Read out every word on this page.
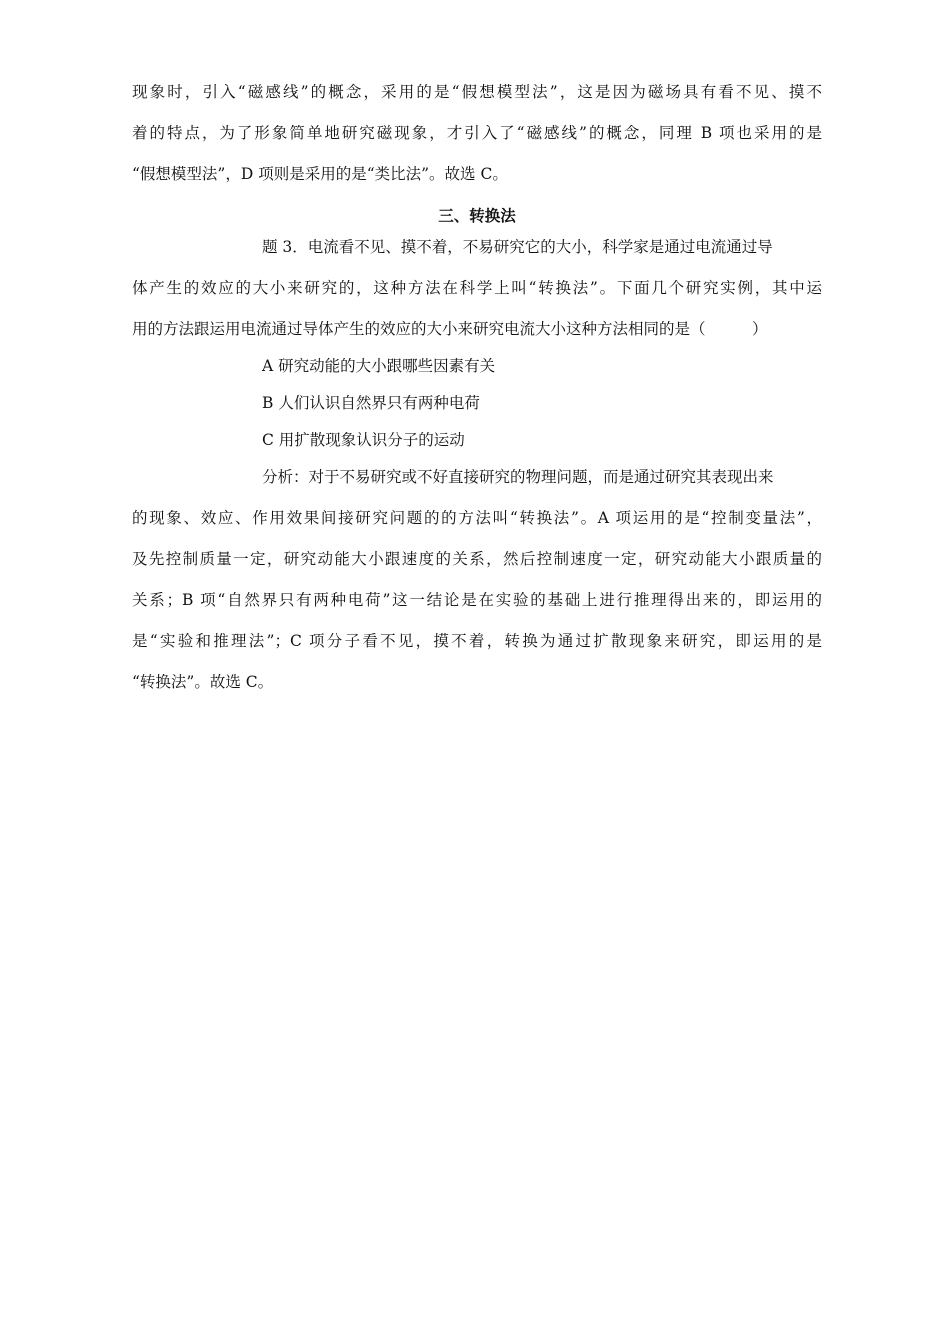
现象时，引入“磁感线”的概念，采用的是“假想模型法”，这是因为磁场具有看不见、摸不
着的特点，为了形象简单地研究磁现象，才引入了“磁感线”的概念，同理 B 项也采用的是
“假想模型法”，D 项则是采用的是“类比法”。故选 C。
三、转换法
题 3．电流看不见、摸不着，不易研究它的大小，科学家是通过电流通过导
体产生的效应的大小来研究的，这种方法在科学上叫“转换法”。下面几个研究实例，其中运
用的方法跟运用电流通过导体产生的效应的大小来研究电流大小这种方法相同的是（　　　）
A 研究动能的大小跟哪些因素有关
B 人们认识自然界只有两种电荷
C 用扩散现象认识分子的运动
分析：对于不易研究或不好直接研究的物理问题，而是通过研究其表现出来
的现象、效应、作用效果间接研究问题的的方法叫“转换法”。A 项运用的是“控制变量法”，
及先控制质量一定，研究动能大小跟速度的关系，然后控制速度一定，研究动能大小跟质量的
关系；B 项“自然界只有两种电荷”这一结论是在实验的基础上进行推理得出来的，即运用的
是“实验和推理法”；C 项分子看不见，摸不着，转换为通过扩散现象来研究，即运用的是
“转换法”。故选 C。
